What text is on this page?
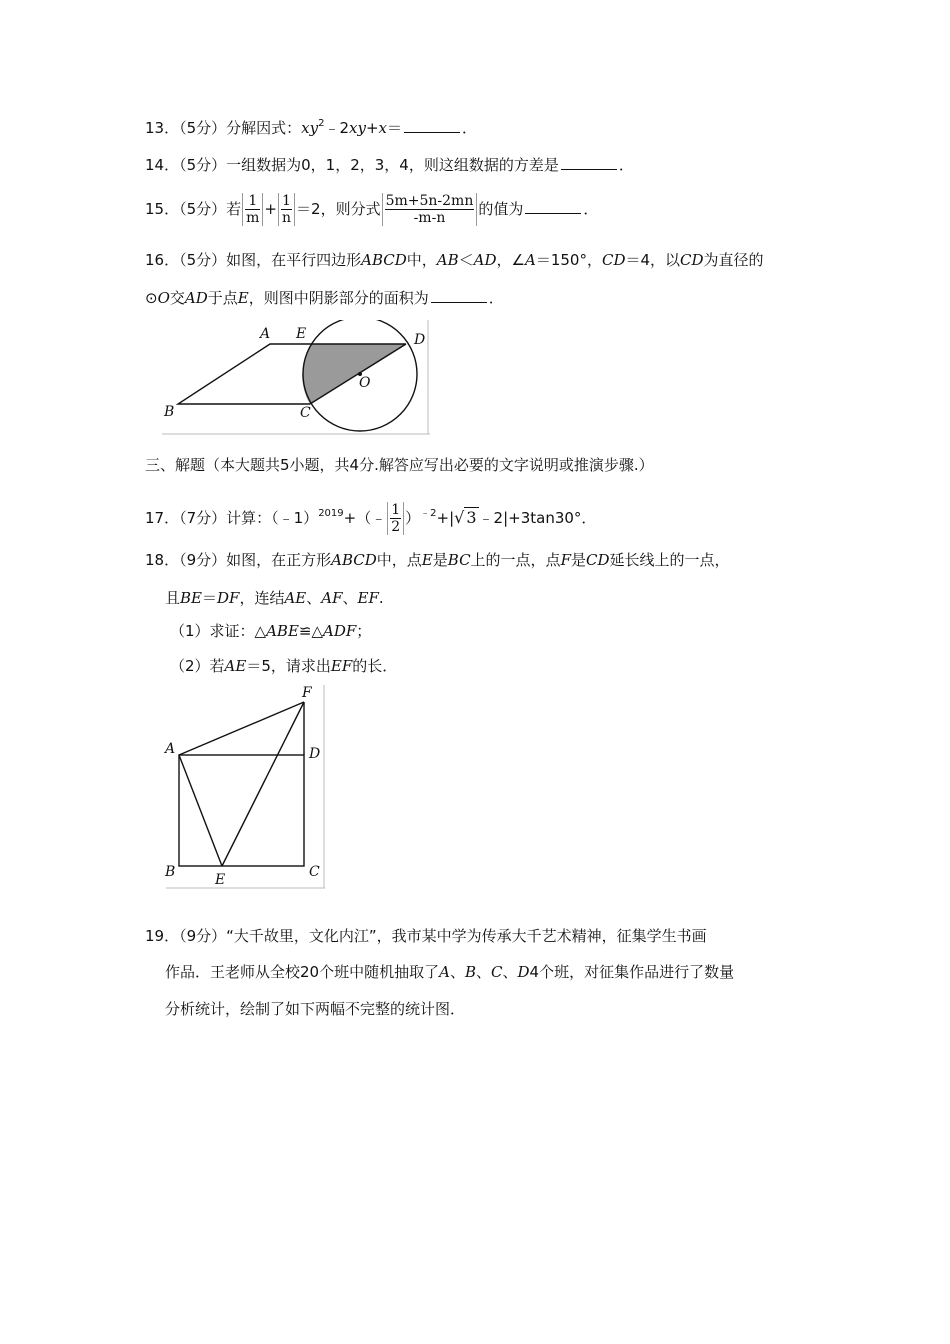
13．（5分）分解因式：$xy^2﹣2xy+x=$	．
14．（5分）一组数据为0，1，2，3，4，则这组数据的方差是	．
15．（5分）若 $\frac{1}{m} + \frac{1}{n} =2$，则分式 $\frac{5m+5n-2mn}{-m-n}$ 的值为	．
16．（5分）如图，在平行四边形ABCD中，AB＜AD，∠A＝150°，CD＝4，以CD为直径的
⊙O交AD于点E，则图中阴影部分的面积为	．
A E	D
B	C
O
三、解题（本大题共5小题，共4分.解答应写出必要的文字说明或推演步骤.）
17．（7分）计算：（﹣1）$^{2019}$+（﹣ $\frac{1}{2} )^{﹣2}+|√$ 3 ﹣2|+3tan30°．
18．（9分）如图，在正方形ABCD中，点E是BC上的一点，点F是CD延长线上的一点，
且BE＝DF，连结AE、AF、EF.
（1）求证：△ABE≌△ADF；
（2）若AE＝5，请求出EF的长．
F
A	D
B	E	C
19．（9分）“大千故里，文化内江”，我市某中学为传承大千艺术精神，征集学生书画
作品．王老师从全校20个班中随机抽取了A、B、C、D4个班，对征集作品进行了数量
分析统计，绘制了如下两幅不完整的统计图．
